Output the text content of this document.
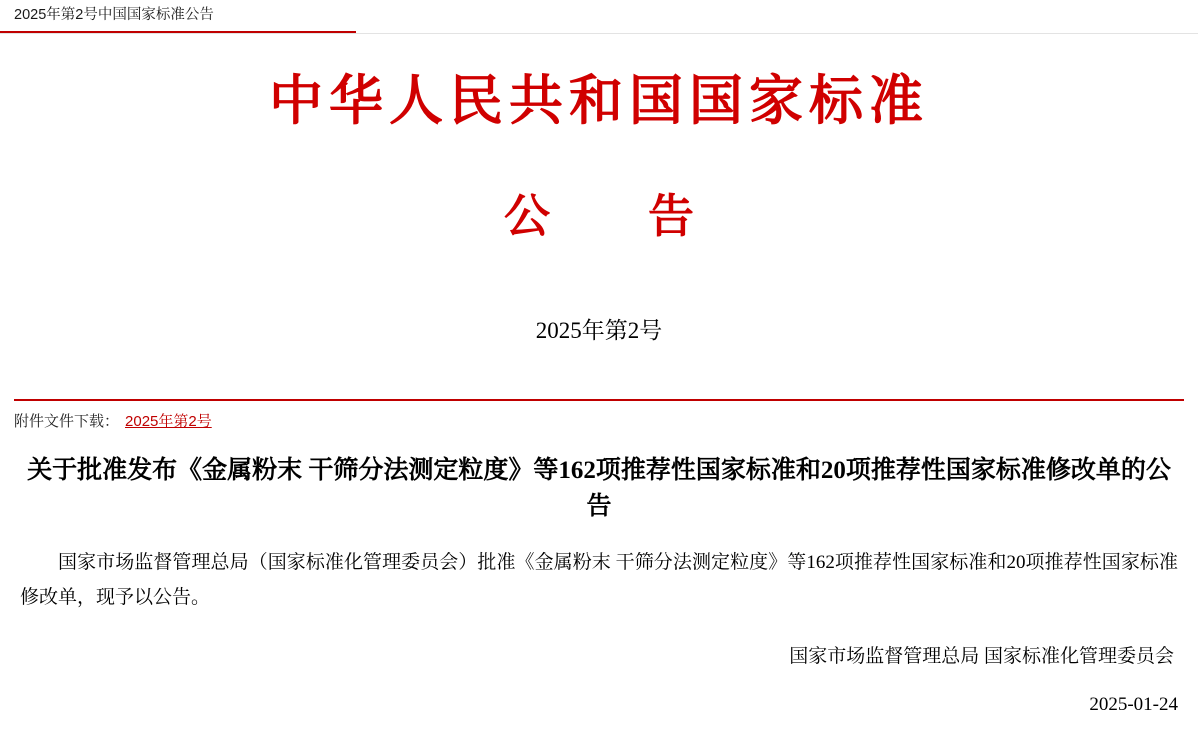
2025年第2号中国国家标准公告
中华人民共和国国家标准
公　告
2025年第2号
附件文件下载： 2025年第2号
关于批准发布《金属粉末 干筛分法测定粒度》等162项推荐性国家标准和20项推荐性国家标准修改单的公告
国家市场监督管理总局（国家标准化管理委员会）批准《金属粉末 干筛分法测定粒度》等162项推荐性国家标准和20项推荐性国家标准修改单，现予以公告。
国家市场监督管理总局 国家标准化管理委员会
2025-01-24
